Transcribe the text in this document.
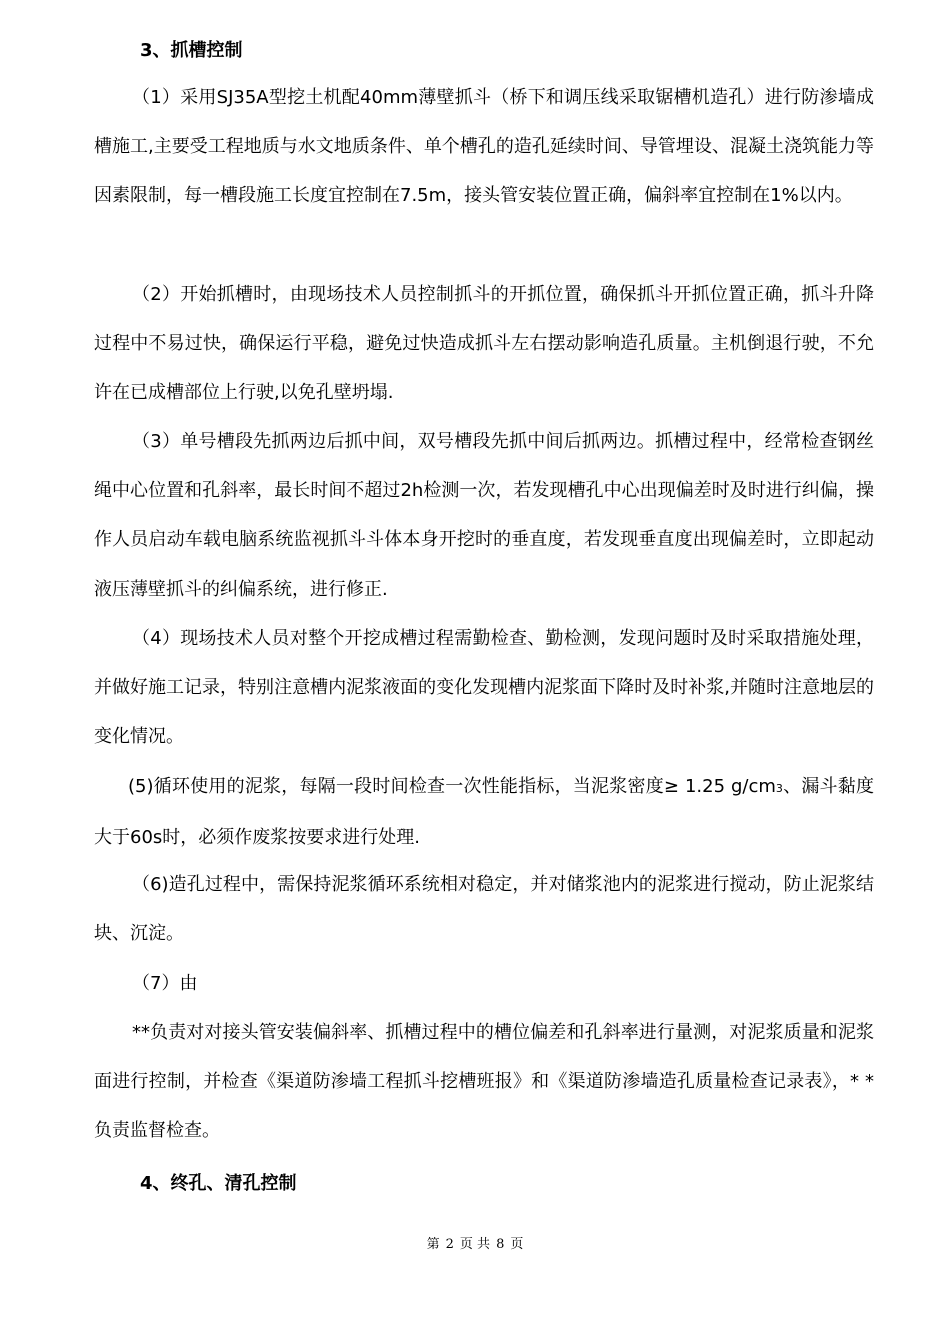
3、抓槽控制

（1）采用SJ35A型挖土机配40mm薄壁抓斗（桥下和调压线采取锯槽机造孔）进行防渗墙成槽施工,主要受工程地质与水文地质条件、单个槽孔的造孔延续时间、导管埋设、混凝土浇筑能力等因素限制，每一槽段施工长度宜控制在7.5m，接头管安装位置正确，偏斜率宜控制在1%以内。

（2）开始抓槽时，由现场技术人员控制抓斗的开抓位置，确保抓斗开抓位置正确，抓斗升降过程中不易过快，确保运行平稳，避免过快造成抓斗左右摆动影响造孔质量。主机倒退行驶，不允许在已成槽部位上行驶,以免孔壁坍塌.

（3）单号槽段先抓两边后抓中间，双号槽段先抓中间后抓两边。抓槽过程中，经常检查钢丝绳中心位置和孔斜率，最长时间不超过2h检测一次，若发现槽孔中心出现偏差时及时进行纠偏，操作人员启动车载电脑系统监视抓斗斗体本身开挖时的垂直度，若发现垂直度出现偏差时，立即起动液压薄壁抓斗的纠偏系统，进行修正.

（4）现场技术人员对整个开挖成槽过程需勤检查、勤检测，发现问题时及时采取措施处理，并做好施工记录，特别注意槽内泥浆液面的变化发现槽内泥浆面下降时及时补浆,并随时注意地层的变化情况。

(5)循环使用的泥浆，每隔一段时间检查一次性能指标，当泥浆密度≥ 1.25 g/cm3、漏斗黏度大于60s时，必须作废浆按要求进行处理.

（6)造孔过程中，需保持泥浆循环系统相对稳定，并对储浆池内的泥浆进行搅动，防止泥浆结块、沉淀。

（7）由

**负责对对接头管安装偏斜率、抓槽过程中的槽位偏差和孔斜率进行量测，对泥浆质量和泥浆面进行控制，并检查《渠道防渗墙工程抓斗挖槽班报》和《渠道防渗墙造孔质量检查记录表》，* * 负责监督检查。

4、终孔、清孔控制
第 2 页 共 8 页
